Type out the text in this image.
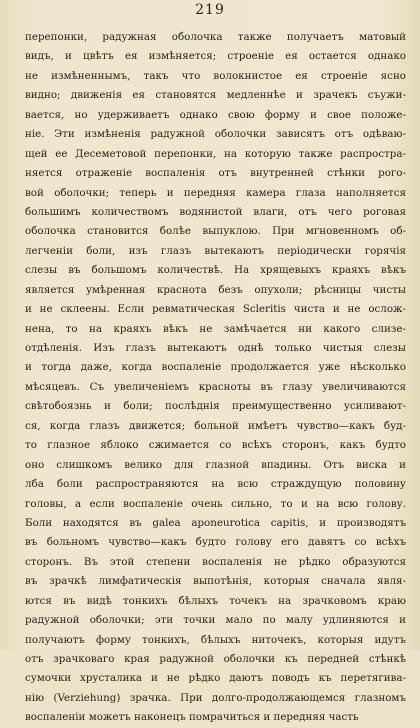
219
перепонки, радужная оболочка также получаетъ матовый
видъ, и цвѣтъ ея измѣняется; строеніе ея остается однако
не измѣненнымъ, такъ что волокнистое ея строеніе ясно
видно; движенія ея становятся медленнѣе и зрачекъ съужи-
вается, но удерживаетъ однако свою форму и свое положе-
ніе. Эти измѣненія радужной оболочки зависятъ отъ одѣваю-
щей ее Десеметовой перепонки, на которую также распростра-
няется отраженіе воспаленія отъ внутренней стѣнки рого-
вой оболочки; теперь и передняя камера глаза наполняется
большимъ количествомъ водянистой влаги, отъ чего роговая
оболочка становится болѣе выпуклою. При мгновенномъ об-
легченіи боли, изъ глазъ вытекаютъ періодически горячія
слезы въ большомъ количествѣ. На хрящевыхъ краяхъ вѣкъ
является умѣренная краснота безъ опухоли; рѣсницы чисты
и не склеены. Если ревматическая Scleritis чиста и не ослож-
нена, то на краяхъ вѣкъ не замѣчается ни какого слизе-
отдѣленія. Изъ глазъ вытекаютъ однѣ только чистыя слезы
и тогда даже, когда воспаленіе продолжается уже нѣсколько
мѣсяцевъ. Съ увеличеніемъ красноты въ глазу увеличиваются
свѣтобоязнь и боли; послѣднія преимущественно усиливают-
ся, когда глазъ движется; больной имѣетъ чувство—какъ буд-
то глазное яблоко сжимается со всѣхъ сторонъ, какъ будто
оно слишкомъ велико для глазной впадины. Отъ виска и
лба боли распространяются на всю страждущую половину
головы, а если воспаленіе очень сильно, то и на всю голову.
Боли находятся въ galea aponeurotica capitis, и производятъ
въ больномъ чувство—какъ будто голову его давятъ со всѣхъ
сторонъ. Въ этой степени воспаленія не рѣдко образуются
въ зрачкѣ лимфатическія выпотѣнія, которыя сначала явля-
ются въ видѣ тонкихъ бѣлыхъ точекъ на зрачковомъ краю
радужной оболочки; эти точки мало по малу удлиняются и
получаютъ форму тонкихъ, бѣлыхъ ниточекъ, которыя идутъ
отъ зрачковаго края радужной оболочки къ передней стѣнкѣ
сумочки хрусталика и не рѣдко даютъ поводъ къ перетягива-
нію (Verziehung) зрачка. При долго-продолжающемся глазномъ
воспаленіи можетъ наконецъ помрачиться и передняя часть
